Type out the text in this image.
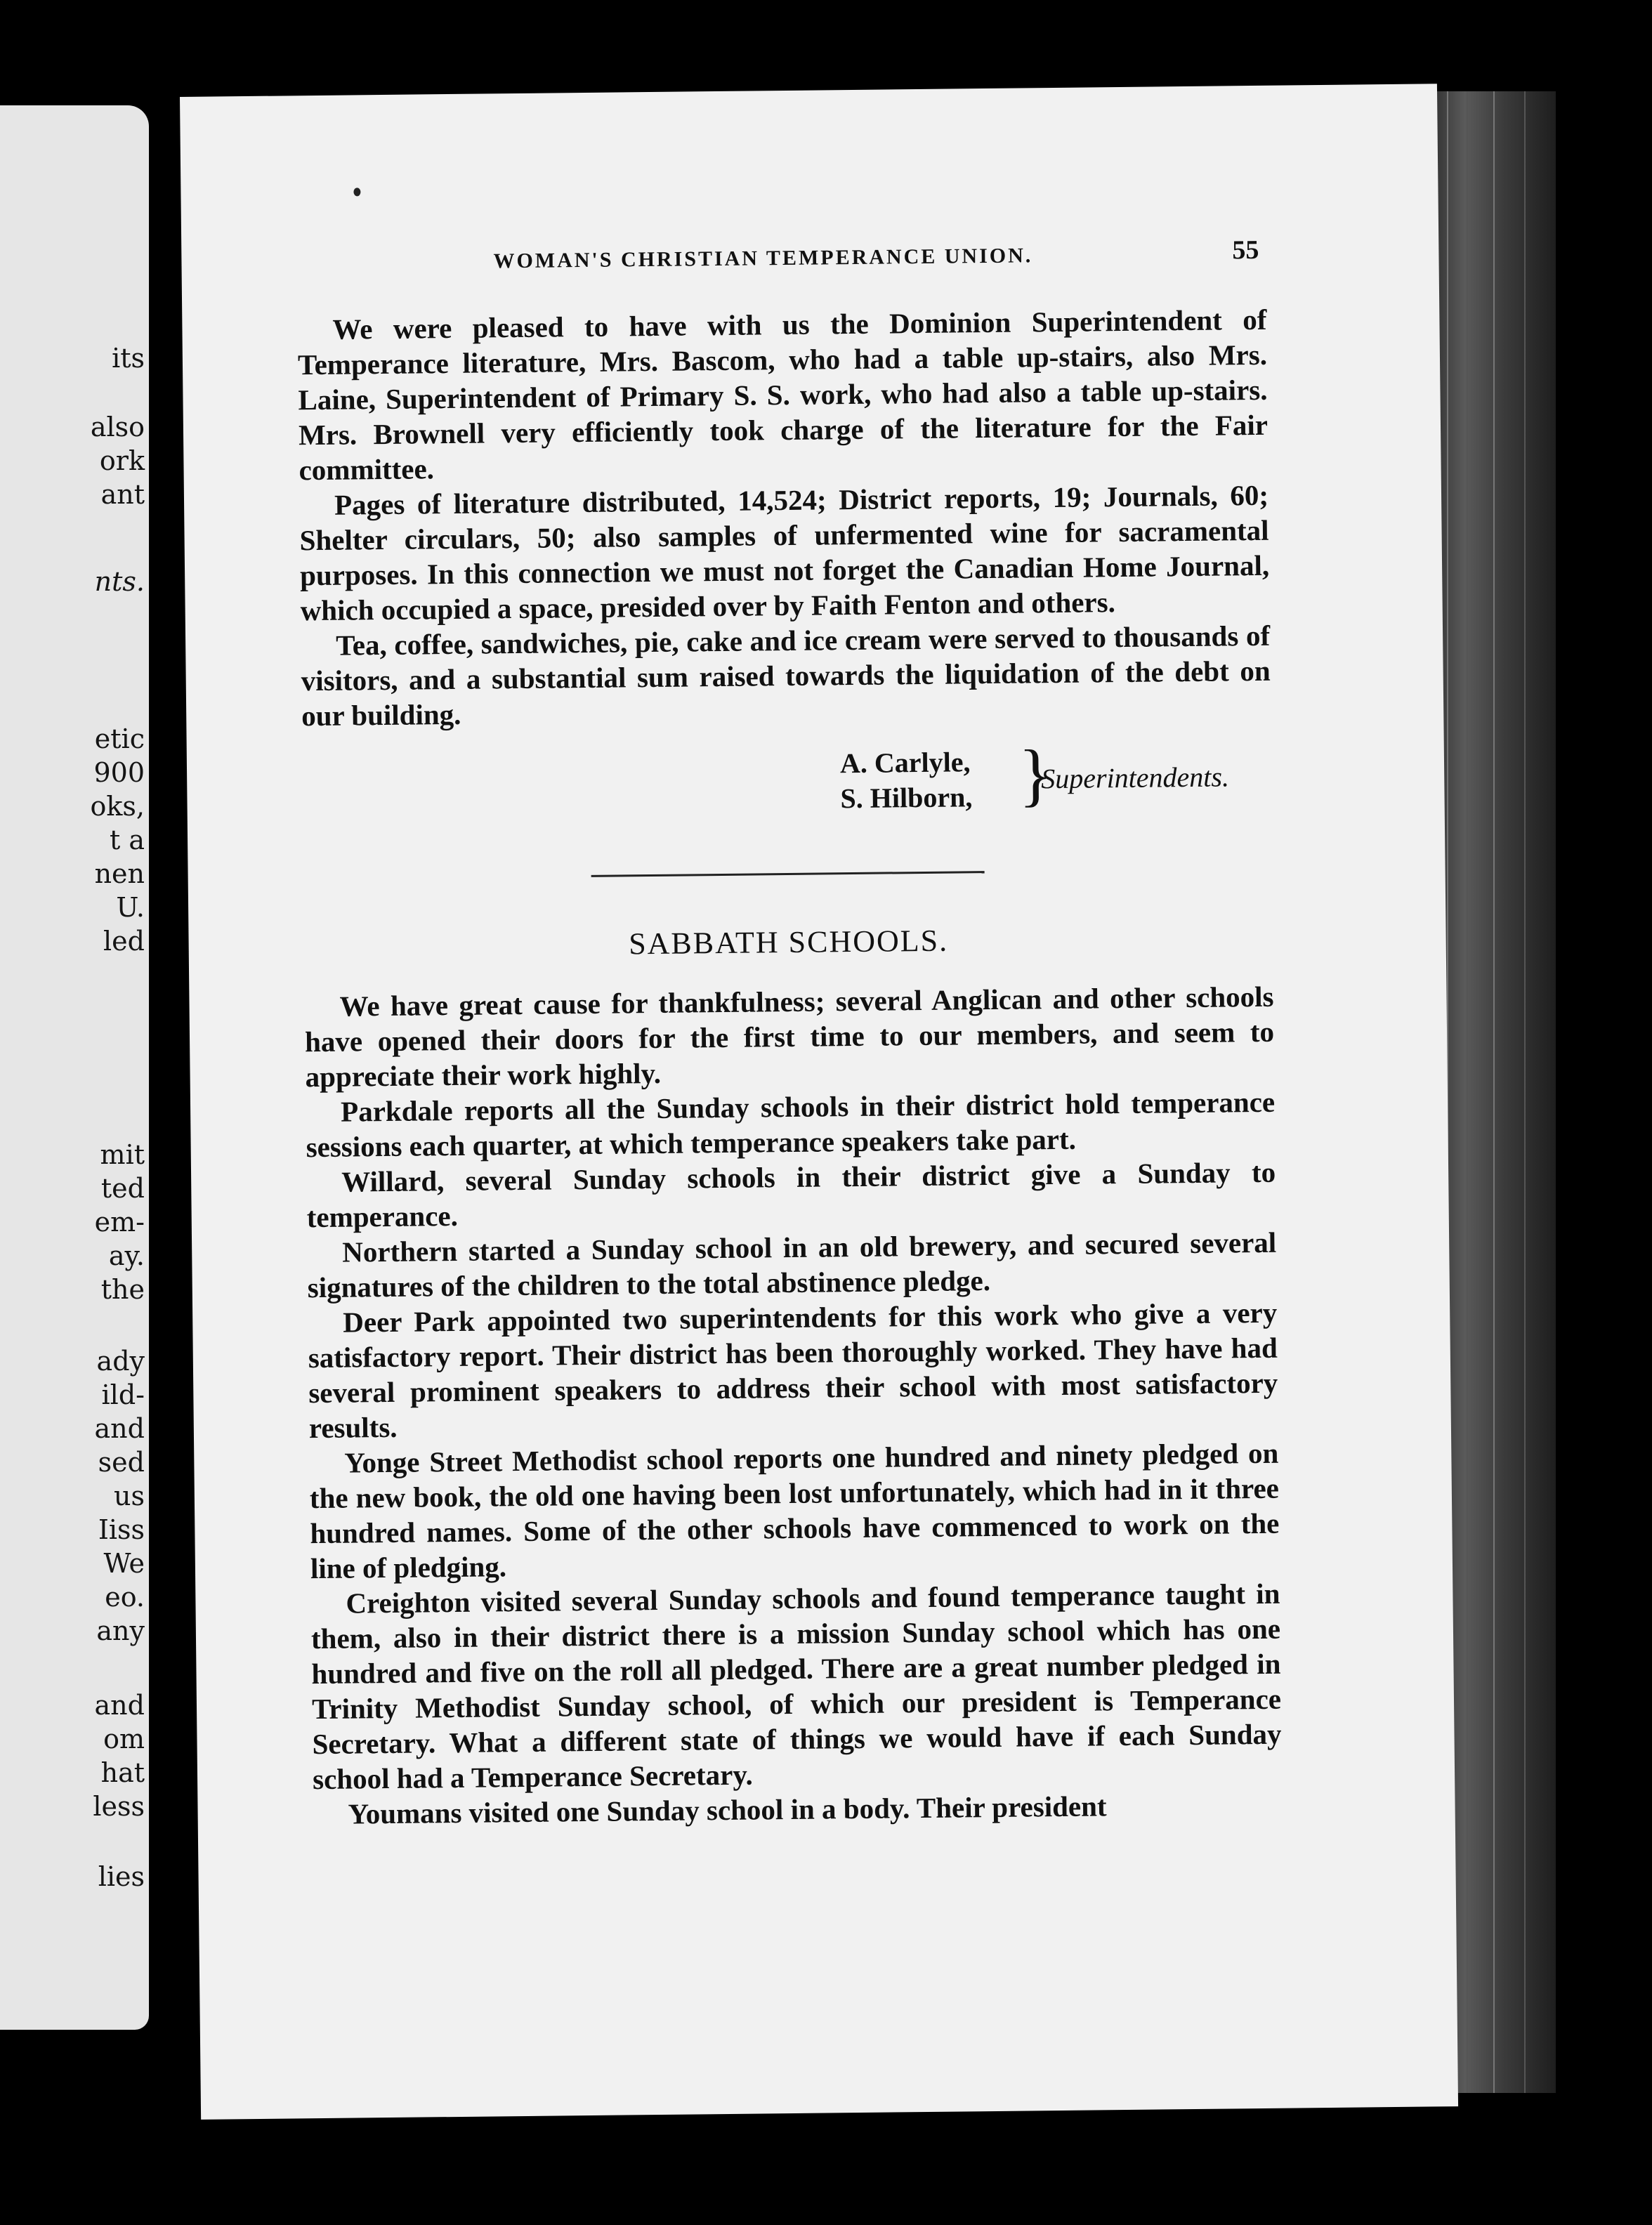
its
also
ork
ant
nts.
etic
900
oks,
t a
nen
U.
led
mit
ted
em-
ay.
the
ady
ild-
and
sed
us
Iiss
We
eo.
any
and
om
hat
less
lies
WOMAN'S CHRISTIAN TEMPERANCE UNION.	55

We were pleased to have with us the Dominion Superintendent of Temperance literature, Mrs. Bascom, who had a table up-stairs, also Mrs. Laine, Superintendent of Primary S. S. work, who had also a table up-stairs. Mrs. Brownell very efficiently took charge of the literature for the Fair committee.

Pages of literature distributed, 14,524; District reports, 19; Journals, 60; Shelter circulars, 50; also samples of unfermented wine for sacramental purposes. In this connection we must not forget the Canadian Home Journal, which occupied a space, presided over by Faith Fenton and others.

Tea, coffee, sandwiches, pie, cake and ice cream were served to thousands of visitors, and a substantial sum raised towards the liquidation of the debt on our building.

A. Carlyle,
S. Hilborn, }
Superintendents.
SABBATH SCHOOLS.

We have great cause for thankfulness; several Anglican and other schools have opened their doors for the first time to our members, and seem to appreciate their work highly.

Parkdale reports all the Sunday schools in their district hold temperance sessions each quarter, at which temperance speakers take part.

Willard, several Sunday schools in their district give a Sunday to temperance.

Northern started a Sunday school in an old brewery, and secured several signatures of the children to the total abstinence pledge.

Deer Park appointed two superintendents for this work who give a very satisfactory report. Their district has been thoroughly worked. They have had several prominent speakers to address their school with most satisfactory results.

Yonge Street Methodist school reports one hundred and ninety pledged on the new book, the old one having been lost unfortunately, which had in it three hundred names. Some of the other schools have commenced to work on the line of pledging.

Creighton visited several Sunday schools and found temperance taught in them, also in their district there is a mission Sunday school which has one hundred and five on the roll all pledged. There are a great number pledged in Trinity Methodist Sunday school, of which our president is Temperance Secretary. What a different state of things we would have if each Sunday school had a Temperance Secretary.

Youmans visited one Sunday school in a body. Their president
